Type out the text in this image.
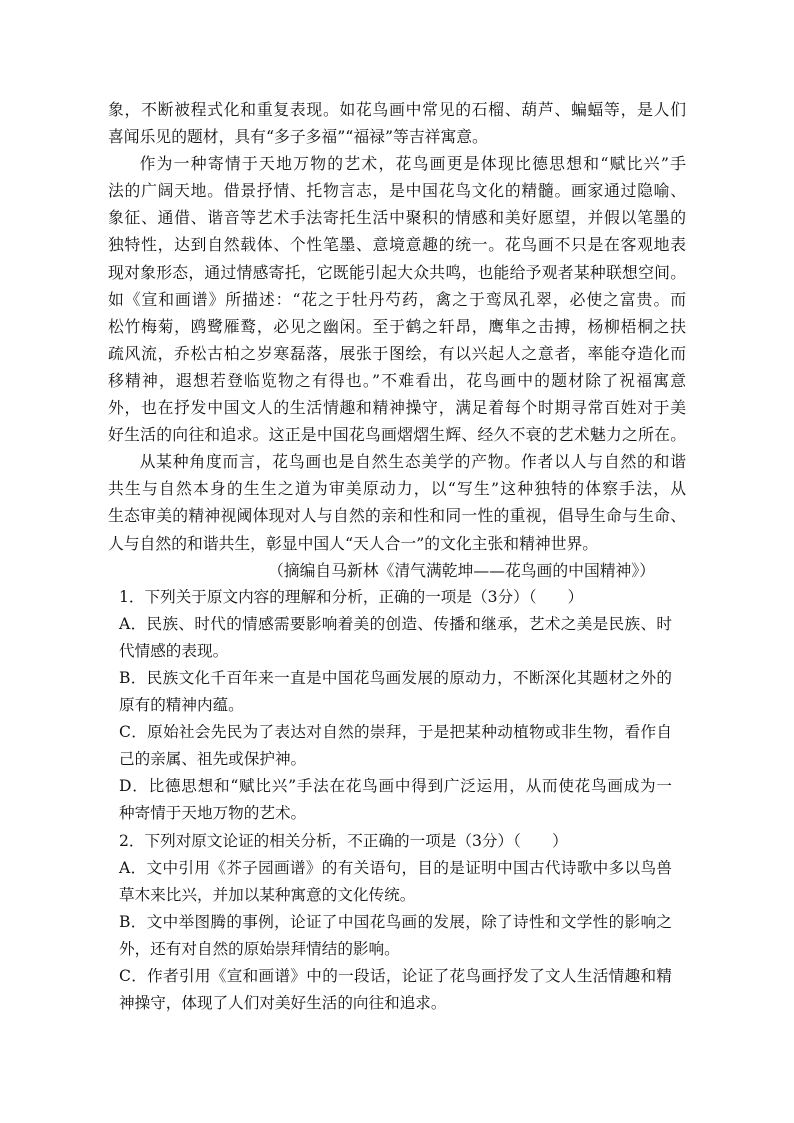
象，不断被程式化和重复表现。如花鸟画中常见的石榴、葫芦、蝙蝠等，是人们
喜闻乐见的题材，具有“多子多福”“福禄”等吉祥寓意。
作为一种寄情于天地万物的艺术，花鸟画更是体现比德思想和“赋比兴”手
法的广阔天地。借景抒情、托物言志，是中国花鸟文化的精髓。画家通过隐喻、
象征、通借、谐音等艺术手法寄托生活中聚积的情感和美好愿望，并假以笔墨的
独特性，达到自然载体、个性笔墨、意境意趣的统一。花鸟画不只是在客观地表
现对象形态，通过情感寄托，它既能引起大众共鸣，也能给予观者某种联想空间。
如《宣和画谱》所描述：“花之于牡丹芍药，禽之于鸾凤孔翠，必使之富贵。而
松竹梅菊，鸥鹭雁鹜，必见之幽闲。至于鹤之轩昂，鹰隼之击搏，杨柳梧桐之扶
疏风流，乔松古柏之岁寒磊落，展张于图绘，有以兴起人之意者，率能夺造化而
移精神，遐想若登临览物之有得也。”不难看出，花鸟画中的题材除了祝福寓意
外，也在抒发中国文人的生活情趣和精神操守，满足着每个时期寻常百姓对于美
好生活的向往和追求。这正是中国花鸟画熠熠生辉、经久不衰的艺术魅力之所在。
从某种角度而言，花鸟画也是自然生态美学的产物。作者以人与自然的和谐
共生与自然本身的生生之道为审美原动力，以“写生”这种独特的体察手法，从
生态审美的精神视阈体现对人与自然的亲和性和同一性的重视，倡导生命与生命、
人与自然的和谐共生，彰显中国人“天人合一”的文化主张和精神世界。
（摘编自马新林《清气满乾坤——花鸟画的中国精神》）
1．下列关于原文内容的理解和分析，正确的一项是（3分）（　　）
A．民族、时代的情感需要影响着美的创造、传播和继承，艺术之美是民族、时
代情感的表现。
B．民族文化千百年来一直是中国花鸟画发展的原动力，不断深化其题材之外的
原有的精神内蕴。
C．原始社会先民为了表达对自然的崇拜，于是把某种动植物或非生物，看作自
己的亲属、祖先或保护神。
D．比德思想和“赋比兴”手法在花鸟画中得到广泛运用，从而使花鸟画成为一
种寄情于天地万物的艺术。
2．下列对原文论证的相关分析，不正确的一项是（3分）（　　）
A．文中引用《芥子园画谱》的有关语句，目的是证明中国古代诗歌中多以鸟兽
草木来比兴，并加以某种寓意的文化传统。
B．文中举图腾的事例，论证了中国花鸟画的发展，除了诗性和文学性的影响之
外，还有对自然的原始崇拜情结的影响。
C．作者引用《宣和画谱》中的一段话，论证了花鸟画抒发了文人生活情趣和精
神操守，体现了人们对美好生活的向往和追求。
